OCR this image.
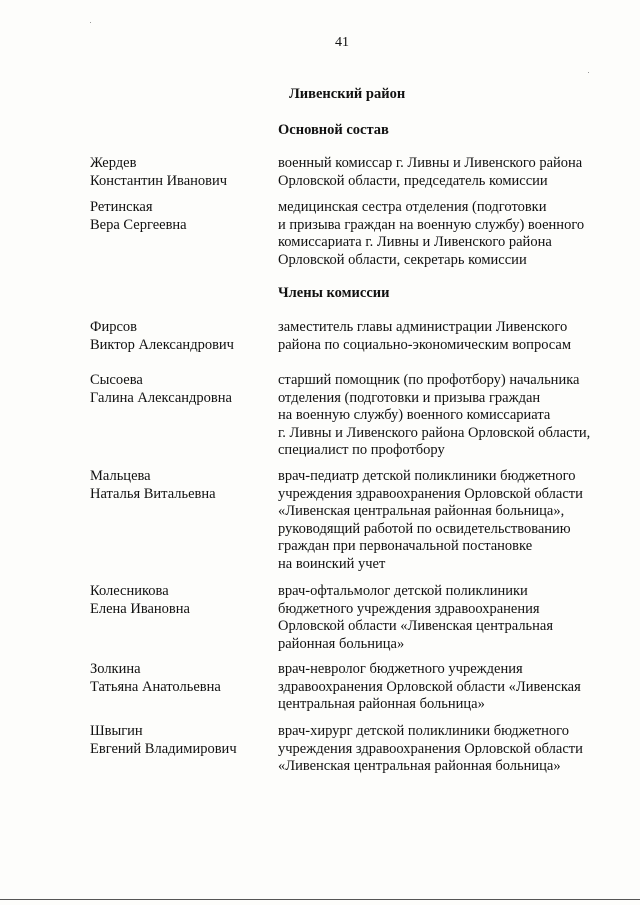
41
Ливенский район
Основной состав
Жердев
Константин Иванович
военный комиссар г. Ливны и Ливенского района
Орловской области, председатель комиссии
Ретинская
Вера Сергеевна
медицинская сестра отделения (подготовки
и призыва граждан на военную службу) военного
комиссариата г. Ливны и Ливенского района
Орловской области, секретарь комиссии
Члены комиссии
Фирсов
Виктор Александрович
заместитель главы администрации Ливенского
района по социально-экономическим вопросам
Сысоева
Галина Александровна
старший помощник (по профотбору) начальника
отделения (подготовки и призыва граждан
на военную службу) военного комиссариата
г. Ливны и Ливенского района Орловской области,
специалист по профотбору
Мальцева
Наталья Витальевна
врач-педиатр детской поликлиники бюджетного
учреждения здравоохранения Орловской области
«Ливенская центральная районная больница»,
руководящий работой по освидетельствованию
граждан при первоначальной постановке
на воинский учет
Колесникова
Елена Ивановна
врач-офтальмолог детской поликлиники
бюджетного учреждения здравоохранения
Орловской области «Ливенская центральная
районная больница»
Золкина
Татьяна Анатольевна
врач-невролог бюджетного учреждения
здравоохранения Орловской области «Ливенская
центральная районная больница»
Швыгин
Евгений Владимирович
врач-хирург детской поликлиники бюджетного
учреждения здравоохранения Орловской области
«Ливенская центральная районная больница»
